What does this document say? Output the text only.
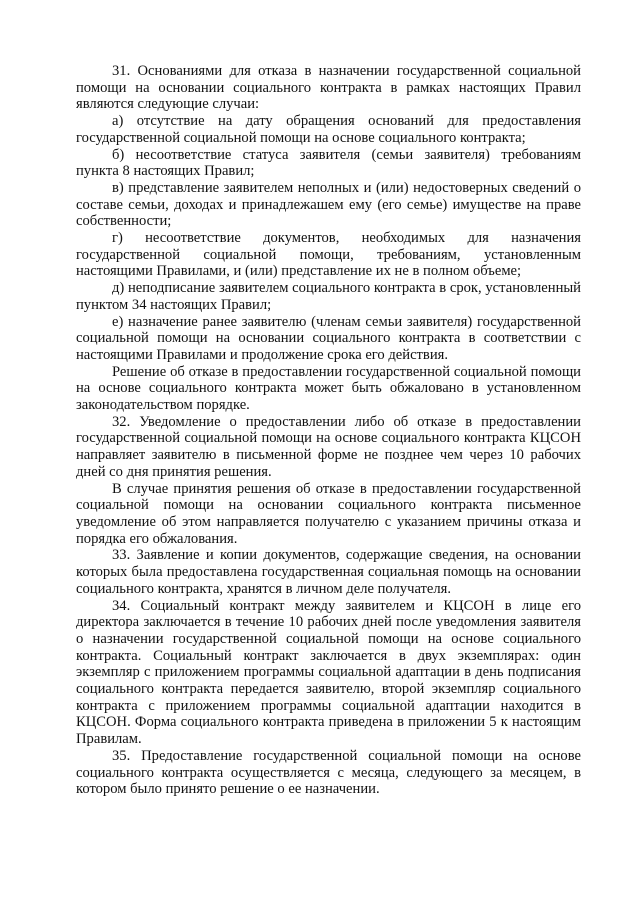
31. Основаниями для отказа в назначении государственной социальной помощи на основании социального контракта в рамках настоящих Правил являются следующие случаи:

а) отсутствие на дату обращения оснований для предоставления государственной социальной помощи на основе социального контракта;

б) несоответствие статуса заявителя (семьи заявителя) требованиям пункта 8 настоящих Правил;

в) представление заявителем неполных и (или) недостоверных сведений о составе семьи, доходах и принадлежашем ему (его семье) имуществе на праве собственности;

г) несоответствие документов, необходимых для назначения государственной социальной помощи, требованиям, установленным настоящими Правилами, и (или) представление их не в полном объеме;

д) неподписание заявителем социального контракта в срок, установленный пунктом 34 настоящих Правил;

е) назначение ранее заявителю (членам семьи заявителя) государственной социальной помощи на основании социального контракта в соответствии с настоящими Правилами и продолжение срока его действия.

Решение об отказе в предоставлении государственной социальной помощи на основе социального контракта может быть обжаловано в установленном законодательством порядке.

32. Уведомление о предоставлении либо об отказе в предоставлении государственной социальной помощи на основе социального контракта КЦСОН направляет заявителю в письменной форме не позднее чем через 10 рабочих дней со дня принятия решения.

В случае принятия решения об отказе в предоставлении государственной социальной помощи на основании социального контракта письменное уведомление об этом направляется получателю с указанием причины отказа и порядка его обжалования.

33. Заявление и копии документов, содержащие сведения, на основании которых была предоставлена государственная социальная помощь на основании социального контракта, хранятся в личном деле получателя.

34. Социальный контракт между заявителем и КЦСОН в лице его директора заключается в течение 10 рабочих дней после уведомления заявителя о назначении государственной социальной помощи на основе социального контракта. Социальный контракт заключается в двух экземплярах: один экземпляр с приложением программы социальной адаптации в день подписания социального контракта передается заявителю, второй экземпляр социального контракта с приложением программы социальной адаптации находится в КЦСОН. Форма социального контракта приведена в приложении 5 к настоящим Правилам.

35. Предоставление государственной социальной помощи на основе социального контракта осуществляется с месяца, следующего за месяцем, в котором было принято решение о ее назначении.
